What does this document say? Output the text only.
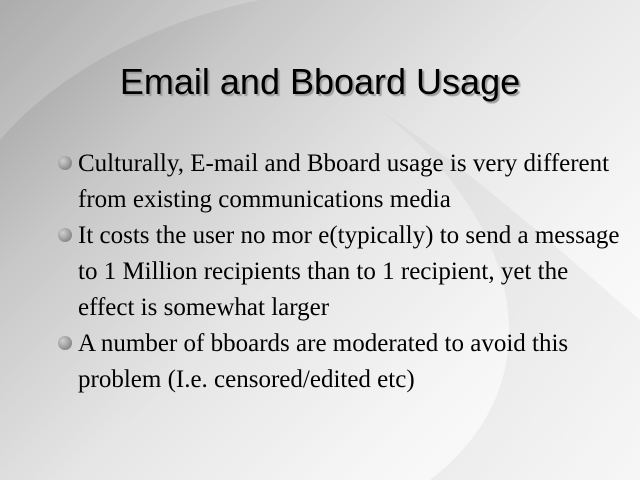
Email and Bboard Usage
Culturally, E-mail and Bboard usage is very different from existing communications media
It costs the user no mor e(typically) to send a message to 1 Million recipients than to 1 recipient, yet the effect is somewhat larger
A number of bboards are moderated to avoid this problem (I.e. censored/edited etc)
